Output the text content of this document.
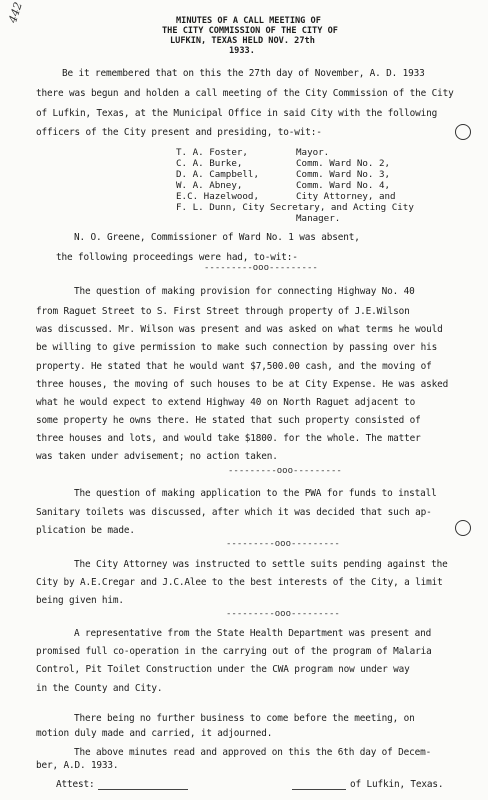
442	MINUTES OF A CALL MEETING OF
THE CITY COMMISSION OF THE CITY OF
LUFKIN, TEXAS HELD NOV. 27th
1933.
Be it remembered that on this the 27th day of November, A. D. 1933
there was begun and holden a call meeting of the City Commission of the City
of Lufkin, Texas, at the Municipal Office in said City with the following
officers of the City present and presiding, to-wit:-
T. A. Foster,	Mayor.
C. A. Burke,	Comm. Ward No. 2,
D. A. Campbell,	Comm. Ward No. 3,
W. A. Abney,	Comm. Ward No. 4,
E.C. Hazelwood,	City Attorney, and
F. L. Dunn, City Secretary, and Acting City
Manager.
N. O. Greene, Commissioner of Ward No. 1 was absent,
the following proceedings were had, to-wit:-
---------ooo---------
The question of making provision for connecting Highway No. 40
from Raguet Street to S. First Street through property of J.E.Wilson
was discussed. Mr. Wilson was present and was asked on what terms he would
be willing to give permission to make such connection by passing over his
property. He stated that he would want $7,500.00 cash, and the moving of
three houses, the moving of such houses to be at City Expense. He was asked
what he would expect to extend Highway 40 on North Raguet adjacent to
some property he owns there. He stated that such property consisted of
three houses and lots, and would take $1800. for the whole. The matter
was taken under advisement; no action taken.
---------ooo---------
The question of making application to the PWA for funds to install
Sanitary toilets was discussed, after which it was decided that such ap-
plication be made.
---------ooo---------
The City Attorney was instructed to settle suits pending against the
City by A.E.Cregar and J.C.Alee to the best interests of the City, a limit
being given him.
---------ooo---------
A representative from the State Health Department was present and
promised full co-operation in the carrying out of the program of Malaria
Control, Pit Toilet Construction under the CWA program now under way
in the County and City.
There being no further business to come before the meeting, on
motion duly made and carried, it adjourned.
The above minutes read and approved on this the 6th day of Decem-
ber, A.D. 1933.
Attest:	of Lufkin, Texas.
